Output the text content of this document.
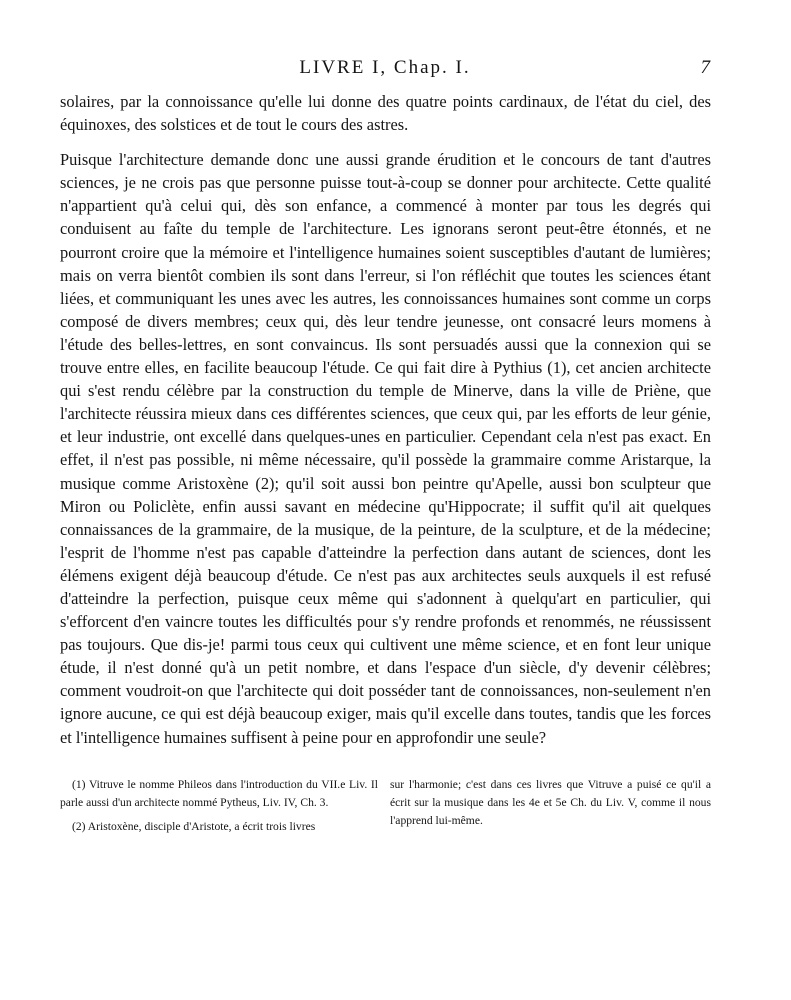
LIVRE I, Chap. I.	7

solaires, par la connoissance qu'elle lui donne des quatre points cardinaux, de l'état du ciel, des équinoxes, des solstices et de tout le cours des astres.

Puisque l'architecture demande donc une aussi grande érudition et le concours de tant d'autres sciences, je ne crois pas que personne puisse tout-à-coup se donner pour architecte. Cette qualité n'appartient qu'à celui qui, dès son enfance, a commencé à monter par tous les degrés qui conduisent au faîte du temple de l'architecture. Les ignorans seront peut-être étonnés, et ne pourront croire que la mémoire et l'intelligence humaines soient susceptibles d'autant de lumières; mais on verra bientôt combien ils sont dans l'erreur, si l'on réfléchit que toutes les sciences étant liées, et communiquant les unes avec les autres, les connoissances humaines sont comme un corps composé de divers membres; ceux qui, dès leur tendre jeunesse, ont consacré leurs momens à l'étude des belles-lettres, en sont convaincus. Ils sont persuadés aussi que la connexion qui se trouve entre elles, en facilite beaucoup l'étude. Ce qui fait dire à Pythius (1), cet ancien architecte qui s'est rendu célèbre par la construction du temple de Minerve, dans la ville de Priène, que l'architecte réussira mieux dans ces différentes sciences, que ceux qui, par les efforts de leur génie, et leur industrie, ont excellé dans quelques-unes en particulier. Cependant cela n'est pas exact. En effet, il n'est pas possible, ni même nécessaire, qu'il possède la grammaire comme Aristarque, la musique comme Aristoxène (2); qu'il soit aussi bon peintre qu'Apelle, aussi bon sculpteur que Miron ou Policlète, enfin aussi savant en médecine qu'Hippocrate; il suffit qu'il ait quelques connaissances de la grammaire, de la musique, de la peinture, de la sculpture, et de la médecine; l'esprit de l'homme n'est pas capable d'atteindre la perfection dans autant de sciences, dont les élémens exigent déjà beaucoup d'étude. Ce n'est pas aux architectes seuls auxquels il est refusé d'atteindre la perfection, puisque ceux même qui s'adonnent à quelqu'art en particulier, qui s'efforcent d'en vaincre toutes les difficultés pour s'y rendre profonds et renommés, ne réussissent pas toujours. Que dis-je! parmi tous ceux qui cultivent une même science, et en font leur unique étude, il n'est donné qu'à un petit nombre, et dans l'espace d'un siècle, d'y devenir célèbres; comment voudroit-on que l'architecte qui doit posséder tant de connoissances, non-seulement n'en ignore aucune, ce qui est déjà beaucoup exiger, mais qu'il excelle dans toutes, tandis que les forces et l'intelligence humaines suffisent à peine pour en approfondir une seule?

(1) Vitruve le nomme Phileos dans l'introduction du VII.e Liv. Il parle aussi d'un architecte nommé Pytheus, Liv. IV, Ch. 3.

(2) Aristoxène, disciple d'Aristote, a écrit trois livres

sur l'harmonie; c'est dans ces livres que Vitruve a puisé ce qu'il a écrit sur la musique dans les 4e et 5e Ch. du Liv. V, comme il nous l'apprend lui-même.
